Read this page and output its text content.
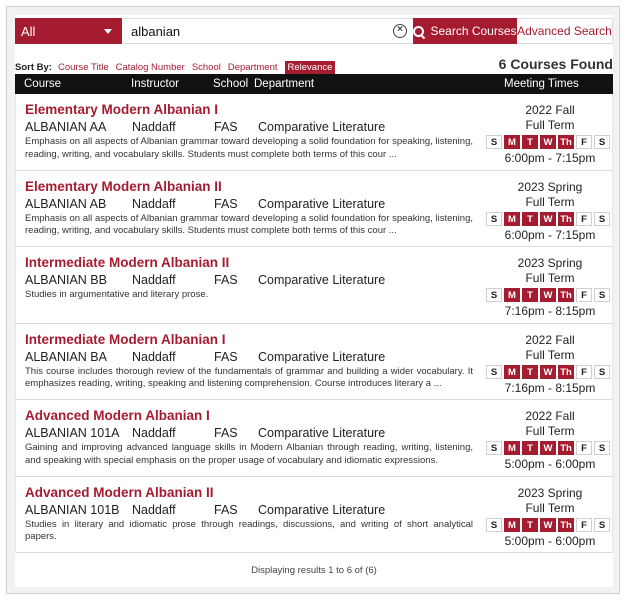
All
albanian	×	Search Courses Advanced Search
Sort By: Course Title Catalog Number School Department	Relevance	6 Courses Found
Course	Instructor	School Department	Meeting Times
Elementary Modern Albanian I
ALBANIAN AA Naddaff	FAS Comparative Literature
Emphasis on all aspects of Albanian grammar toward developing a solid foundation for speaking, listening, reading, writing, and vocabulary skills. Students must complete both terms of this cour ...
2022 Fall
Full Term
S	M	T	W Th F	S
6:00pm - 7:15pm
Elementary Modern Albanian II
ALBANIAN AB Naddaff	FAS Comparative Literature
Emphasis on all aspects of Albanian grammar toward developing a solid foundation for speaking, listening, reading, writing, and vocabulary skills. Students must complete both terms of this cour ...
2023 Spring
Full Term
S	M	T	W Th F	S
6:00pm - 7:15pm
Intermediate Modern Albanian II
ALBANIAN BB Naddaff	FAS Comparative Literature
Studies in argumentative and literary prose.
2023 Spring
Full Term
S	M	T	W Th F	S
7:16pm - 8:15pm
Intermediate Modern Albanian I
ALBANIAN BA Naddaff	FAS Comparative Literature
This course includes thorough review of the fundamentals of grammar and building a wider vocabulary. It emphasizes reading, writing, speaking and listening comprehension. Course introduces literary a ...
2022 Fall
Full Term
S	M	T	W Th F	S
7:16pm - 8:15pm
Advanced Modern Albanian I
ALBANIAN 101A Naddaff	FAS Comparative Literature
Gaining and improving advanced language skills in Modern Albanian through reading, writing, listening, and speaking with special emphasis on the proper usage of vocabulary and idiomatic expressions.
2022 Fall
Full Term
S	M	T	W Th F	S
5:00pm - 6:00pm
Advanced Modern Albanian II
ALBANIAN 101B Naddaff	FAS Comparative Literature
Studies in literary and idiomatic prose through readings, discussions, and writing of short analytical papers.
2023 Spring
Full Term
S	M	T	W Th F	S
5:00pm - 6:00pm
Displaying results 1 to 6 of (6)
